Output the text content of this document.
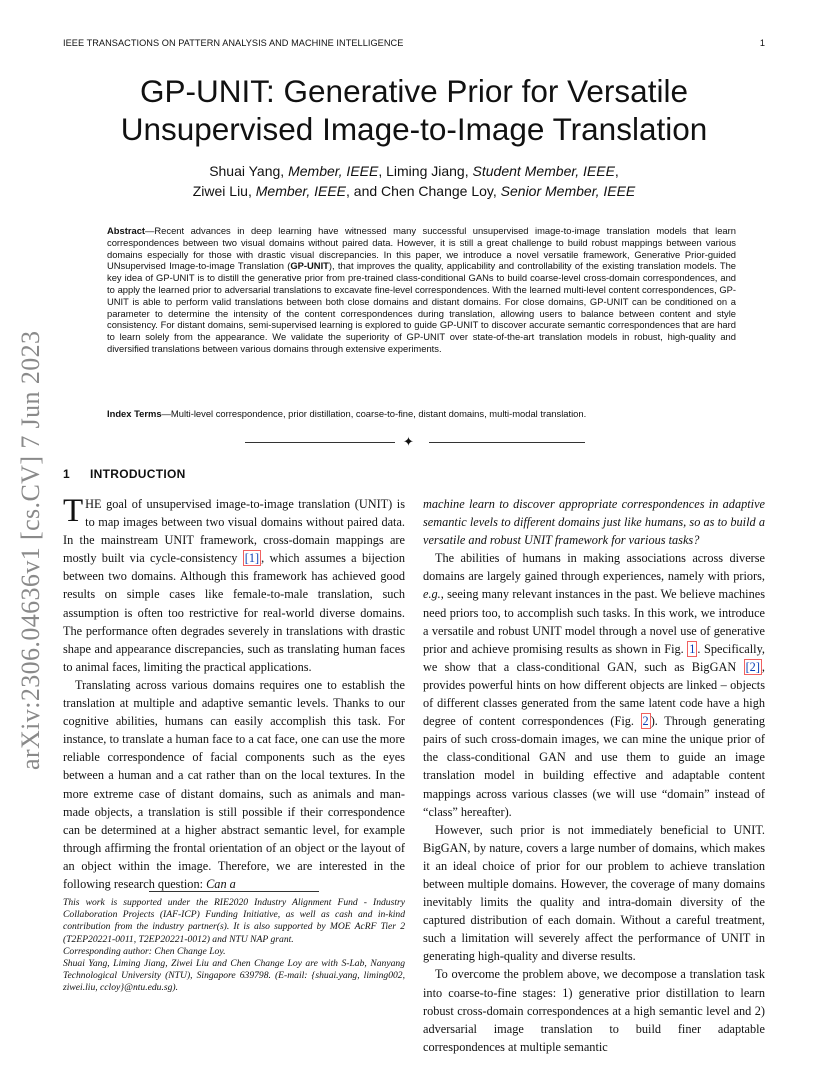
IEEE TRANSACTIONS ON PATTERN ANALYSIS AND MACHINE INTELLIGENCE	1
arXiv:2306.04636v1 [cs.CV] 7 Jun 2023
GP-UNIT: Generative Prior for Versatile
Unsupervised Image-to-Image Translation
Shuai Yang, Member, IEEE, Liming Jiang, Student Member, IEEE,
Ziwei Liu, Member, IEEE, and Chen Change Loy, Senior Member, IEEE
Abstract—Recent advances in deep learning have witnessed many successful unsupervised image-to-image translation models that learn correspondences between two visual domains without paired data. However, it is still a great challenge to build robust mappings between various domains especially for those with drastic visual discrepancies. In this paper, we introduce a novel versatile framework, Generative Prior-guided UNsupervised Image-to-image Translation (GP-UNIT), that improves the quality, applicability and controllability of the existing translation models. The key idea of GP-UNIT is to distill the generative prior from pre-trained class-conditional GANs to build coarse-level cross-domain correspondences, and to apply the learned prior to adversarial translations to excavate fine-level correspondences. With the learned multi-level content correspondences, GP-UNIT is able to perform valid translations between both close domains and distant domains. For close domains, GP-UNIT can be conditioned on a parameter to determine the intensity of the content correspondences during translation, allowing users to balance between content and style consistency. For distant domains, semi-supervised learning is explored to guide GP-UNIT to discover accurate semantic correspondences that are hard to learn solely from the appearance. We validate the superiority of GP-UNIT over state-of-the-art translation models in robust, high-quality and diversified translations between various domains through extensive experiments.
Index Terms—Multi-level correspondence, prior distillation, coarse-to-fine, distant domains, multi-modal translation.
✦
1 INTRODUCTION

THE goal of unsupervised image-to-image translation (UNIT) is to map images between two visual domains without paired data. In the mainstream UNIT framework, cross-domain mappings are mostly built via cycle-consistency [1] , which assumes a bijection between two domains. Although this framework has achieved good results on simple cases like female-to-male translation, such assumption is often too restrictive for real-world diverse domains. The performance often degrades severely in translations with drastic shape and appearance discrepancies, such as translating human faces to animal faces, limiting the practical applications.

Translating across various domains requires one to establish the translation at multiple and adaptive semantic levels. Thanks to our cognitive abilities, humans can easily accomplish this task. For instance, to translate a human face to a cat face, one can use the more reliable correspondence of facial components such as the eyes between a human and a cat rather than on the local textures. In the more extreme case of distant domains, such as animals and man-made objects, a translation is still possible if their correspondence can be determined at a higher abstract semantic level, for example through affirming the frontal orientation of an object or the layout of an object within the image. Therefore, we are interested in the following research question: Can a

machine learn to discover appropriate correspondences in adaptive semantic levels to different domains just like humans, so as to build a versatile and robust UNIT framework for various tasks?

The abilities of humans in making associations across diverse domains are largely gained through experiences, namely with priors, e.g., seeing many relevant instances in the past. We believe machines need priors too, to accomplish such tasks. In this work, we introduce a versatile and robust UNIT model through a novel use of generative prior and achieve promising results as shown in Fig. 1 . Specifically, we show that a class-conditional GAN, such as BigGAN [2] , provides powerful hints on how different objects are linked – objects of different classes generated from the same latent code have a high degree of content correspondences (Fig. 2 ). Through generating pairs of such cross-domain images, we can mine the unique prior of the class-conditional GAN and use them to guide an image translation model in building effective and adaptable content mappings across various classes (we will use “domain” instead of “class” hereafter).

However, such prior is not immediately beneficial to UNIT. BigGAN, by nature, covers a large number of domains, which makes it an ideal choice of prior for our problem to achieve translation between multiple domains. However, the coverage of many domains inevitably limits the quality and intra-domain diversity of the captured distribution of each domain. Without a careful treatment, such a limitation will severely affect the performance of UNIT in generating high-quality and diverse results.

To overcome the problem above, we decompose a translation task into coarse-to-fine stages: 1) generative prior distillation to learn robust cross-domain correspondences at a high semantic level and 2) adversarial image translation to build finer adaptable correspondences at multiple semantic

This work is supported under the RIE2020 Industry Alignment Fund - Industry Collaboration Projects (IAF-ICP) Funding Initiative, as well as cash and in-kind contribution from the industry partner(s). It is also supported by MOE AcRF Tier 2 (T2EP20221-0011, T2EP20221-0012) and NTU NAP grant.

Corresponding author: Chen Change Loy.

Shuai Yang, Liming Jiang, Ziwei Liu and Chen Change Loy are with S-Lab, Nanyang Technological University (NTU), Singapore 639798. (E-mail: {shuai.yang, liming002, ziwei.liu, ccloy}@ntu.edu.sg).
